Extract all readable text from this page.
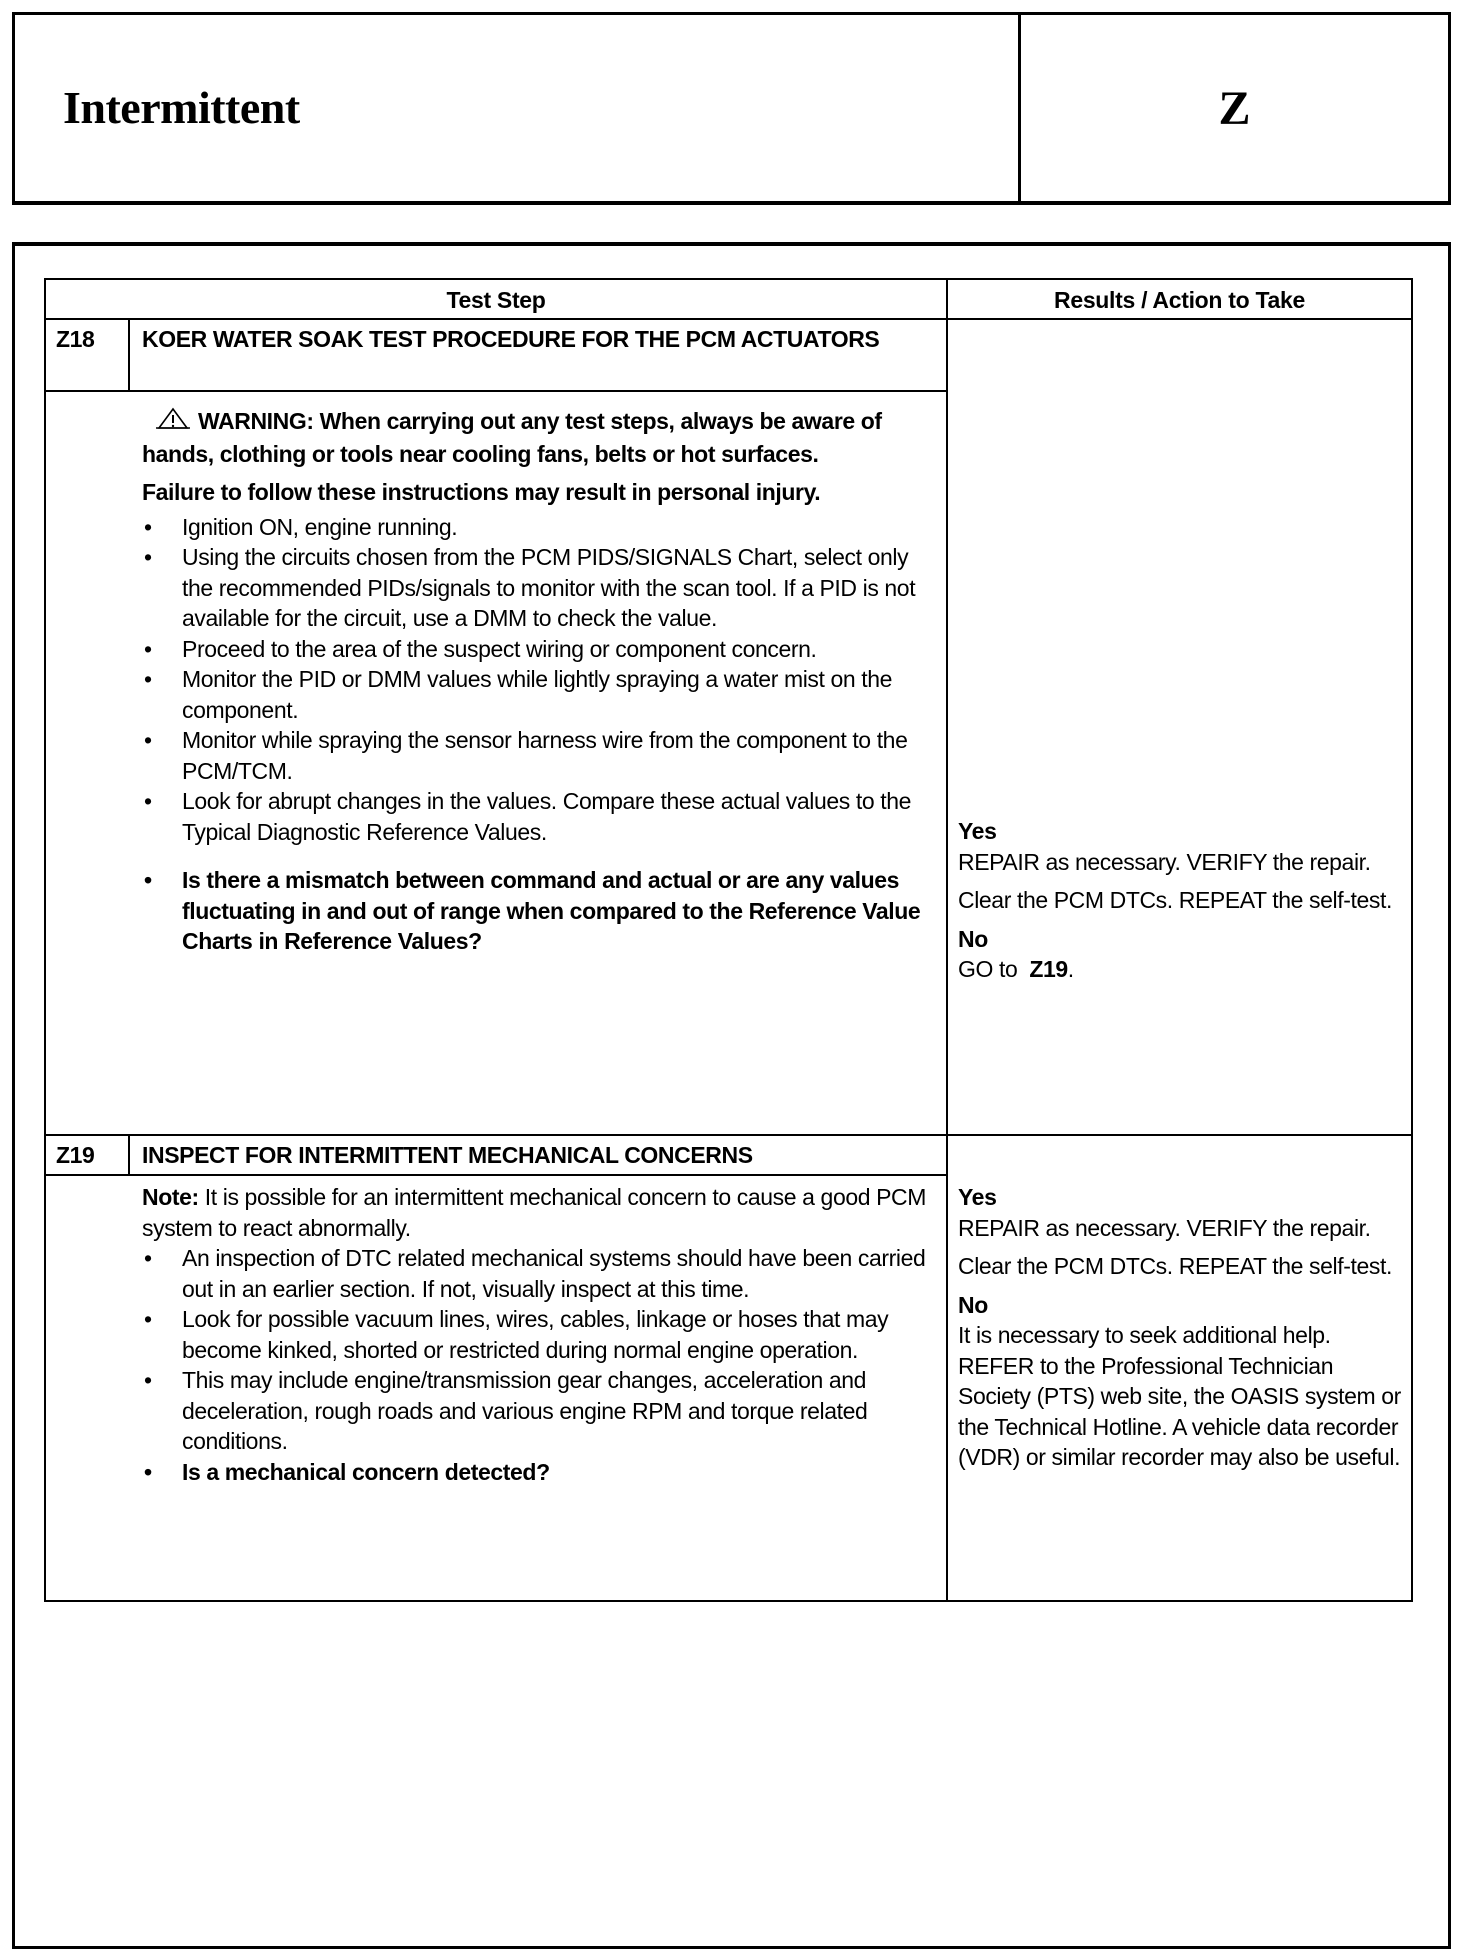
Intermittent	Z
Test Step	Results / Action to Take
Z18 KOER WATER SOAK TEST PROCEDURE FOR THE PCM ACTUATORS

WARNING: When carrying out any test steps, always be aware of hands, clothing or tools near cooling fans, belts or hot surfaces.

Failure to follow these instructions may result in personal injury.

• Ignition ON, engine running.
• Using the circuits chosen from the PCM PIDS/SIGNALS Chart, select only the recommended PIDs/signals to monitor with the scan tool. If a PID is not available for the circuit, use a DMM to check the value.
• Proceed to the area of the suspect wiring or component concern.
• Monitor the PID or DMM values while lightly spraying a water mist on the component.
• Monitor while spraying the sensor harness wire from the component to the PCM/TCM.
• Look for abrupt changes in the values. Compare these actual values to the Typical Diagnostic Reference Values.
• Is there a mismatch between command and actual or are any values fluctuating in and out of range when compared to the Reference Value Charts in Reference Values?

Yes

REPAIR as necessary. VERIFY the repair.

Clear the PCM DTCs. REPEAT the self-test.

No

GO to Z19.

Z19 INSPECT FOR INTERMITTENT MECHANICAL CONCERNS

Note: It is possible for an intermittent mechanical concern to cause a good PCM system to react abnormally.

• An inspection of DTC related mechanical systems should have been carried out in an earlier section. If not, visually inspect at this time.
• Look for possible vacuum lines, wires, cables, linkage or hoses that may become kinked, shorted or restricted during normal engine operation.
• This may include engine/transmission gear changes, acceleration and deceleration, rough roads and various engine RPM and torque related conditions.
• Is a mechanical concern detected?

Yes

REPAIR as necessary. VERIFY the repair.

Clear the PCM DTCs. REPEAT the self-test.

No

It is necessary to seek additional help. REFER to the Professional Technician Society (PTS) web site, the OASIS system or the Technical Hotline. A vehicle data recorder (VDR) or similar recorder may also be useful.
